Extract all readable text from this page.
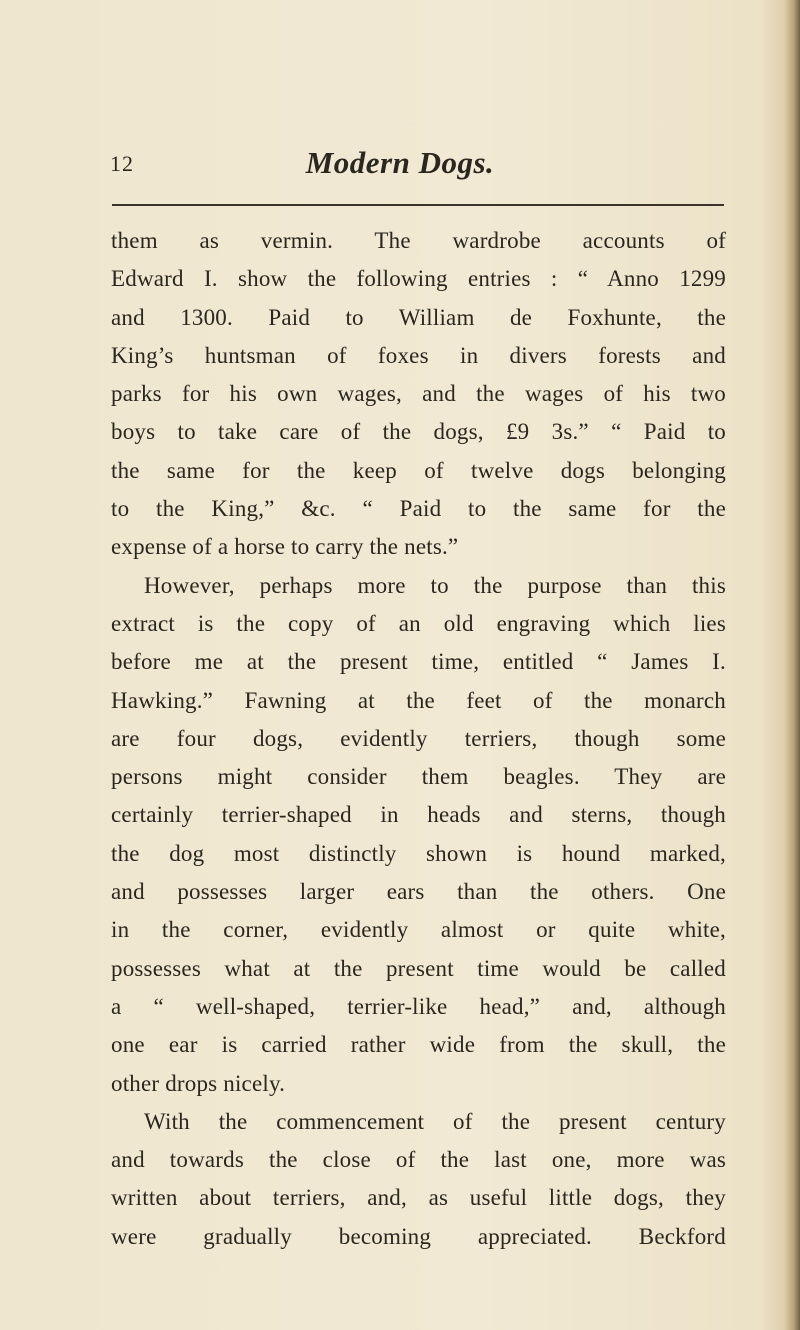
12	Modern Dogs.
them as vermin. The wardrobe accounts of
Edward I. show the following entries : “ Anno 1299
and 1300. Paid to William de Foxhunte, the
King’s huntsman of foxes in divers forests and
parks for his own wages, and the wages of his two
boys to take care of the dogs, £9 3s.” “ Paid to
the same for the keep of twelve dogs belonging
to the King,” &c. “ Paid to the same for the
expense of a horse to carry the nets.”
However, perhaps more to the purpose than this
extract is the copy of an old engraving which lies
before me at the present time, entitled “ James I.
Hawking.” Fawning at the feet of the monarch
are four dogs, evidently terriers, though some
persons might consider them beagles. They are
certainly terrier-shaped in heads and sterns, though
the dog most distinctly shown is hound marked,
and possesses larger ears than the others. One
in the corner, evidently almost or quite white,
possesses what at the present time would be called
a “ well-shaped, terrier-like head,” and, although
one ear is carried rather wide from the skull, the
other drops nicely.
With the commencement of the present century
and towards the close of the last one, more was
written about terriers, and, as useful little dogs, they
were gradually becoming appreciated. Beckford
